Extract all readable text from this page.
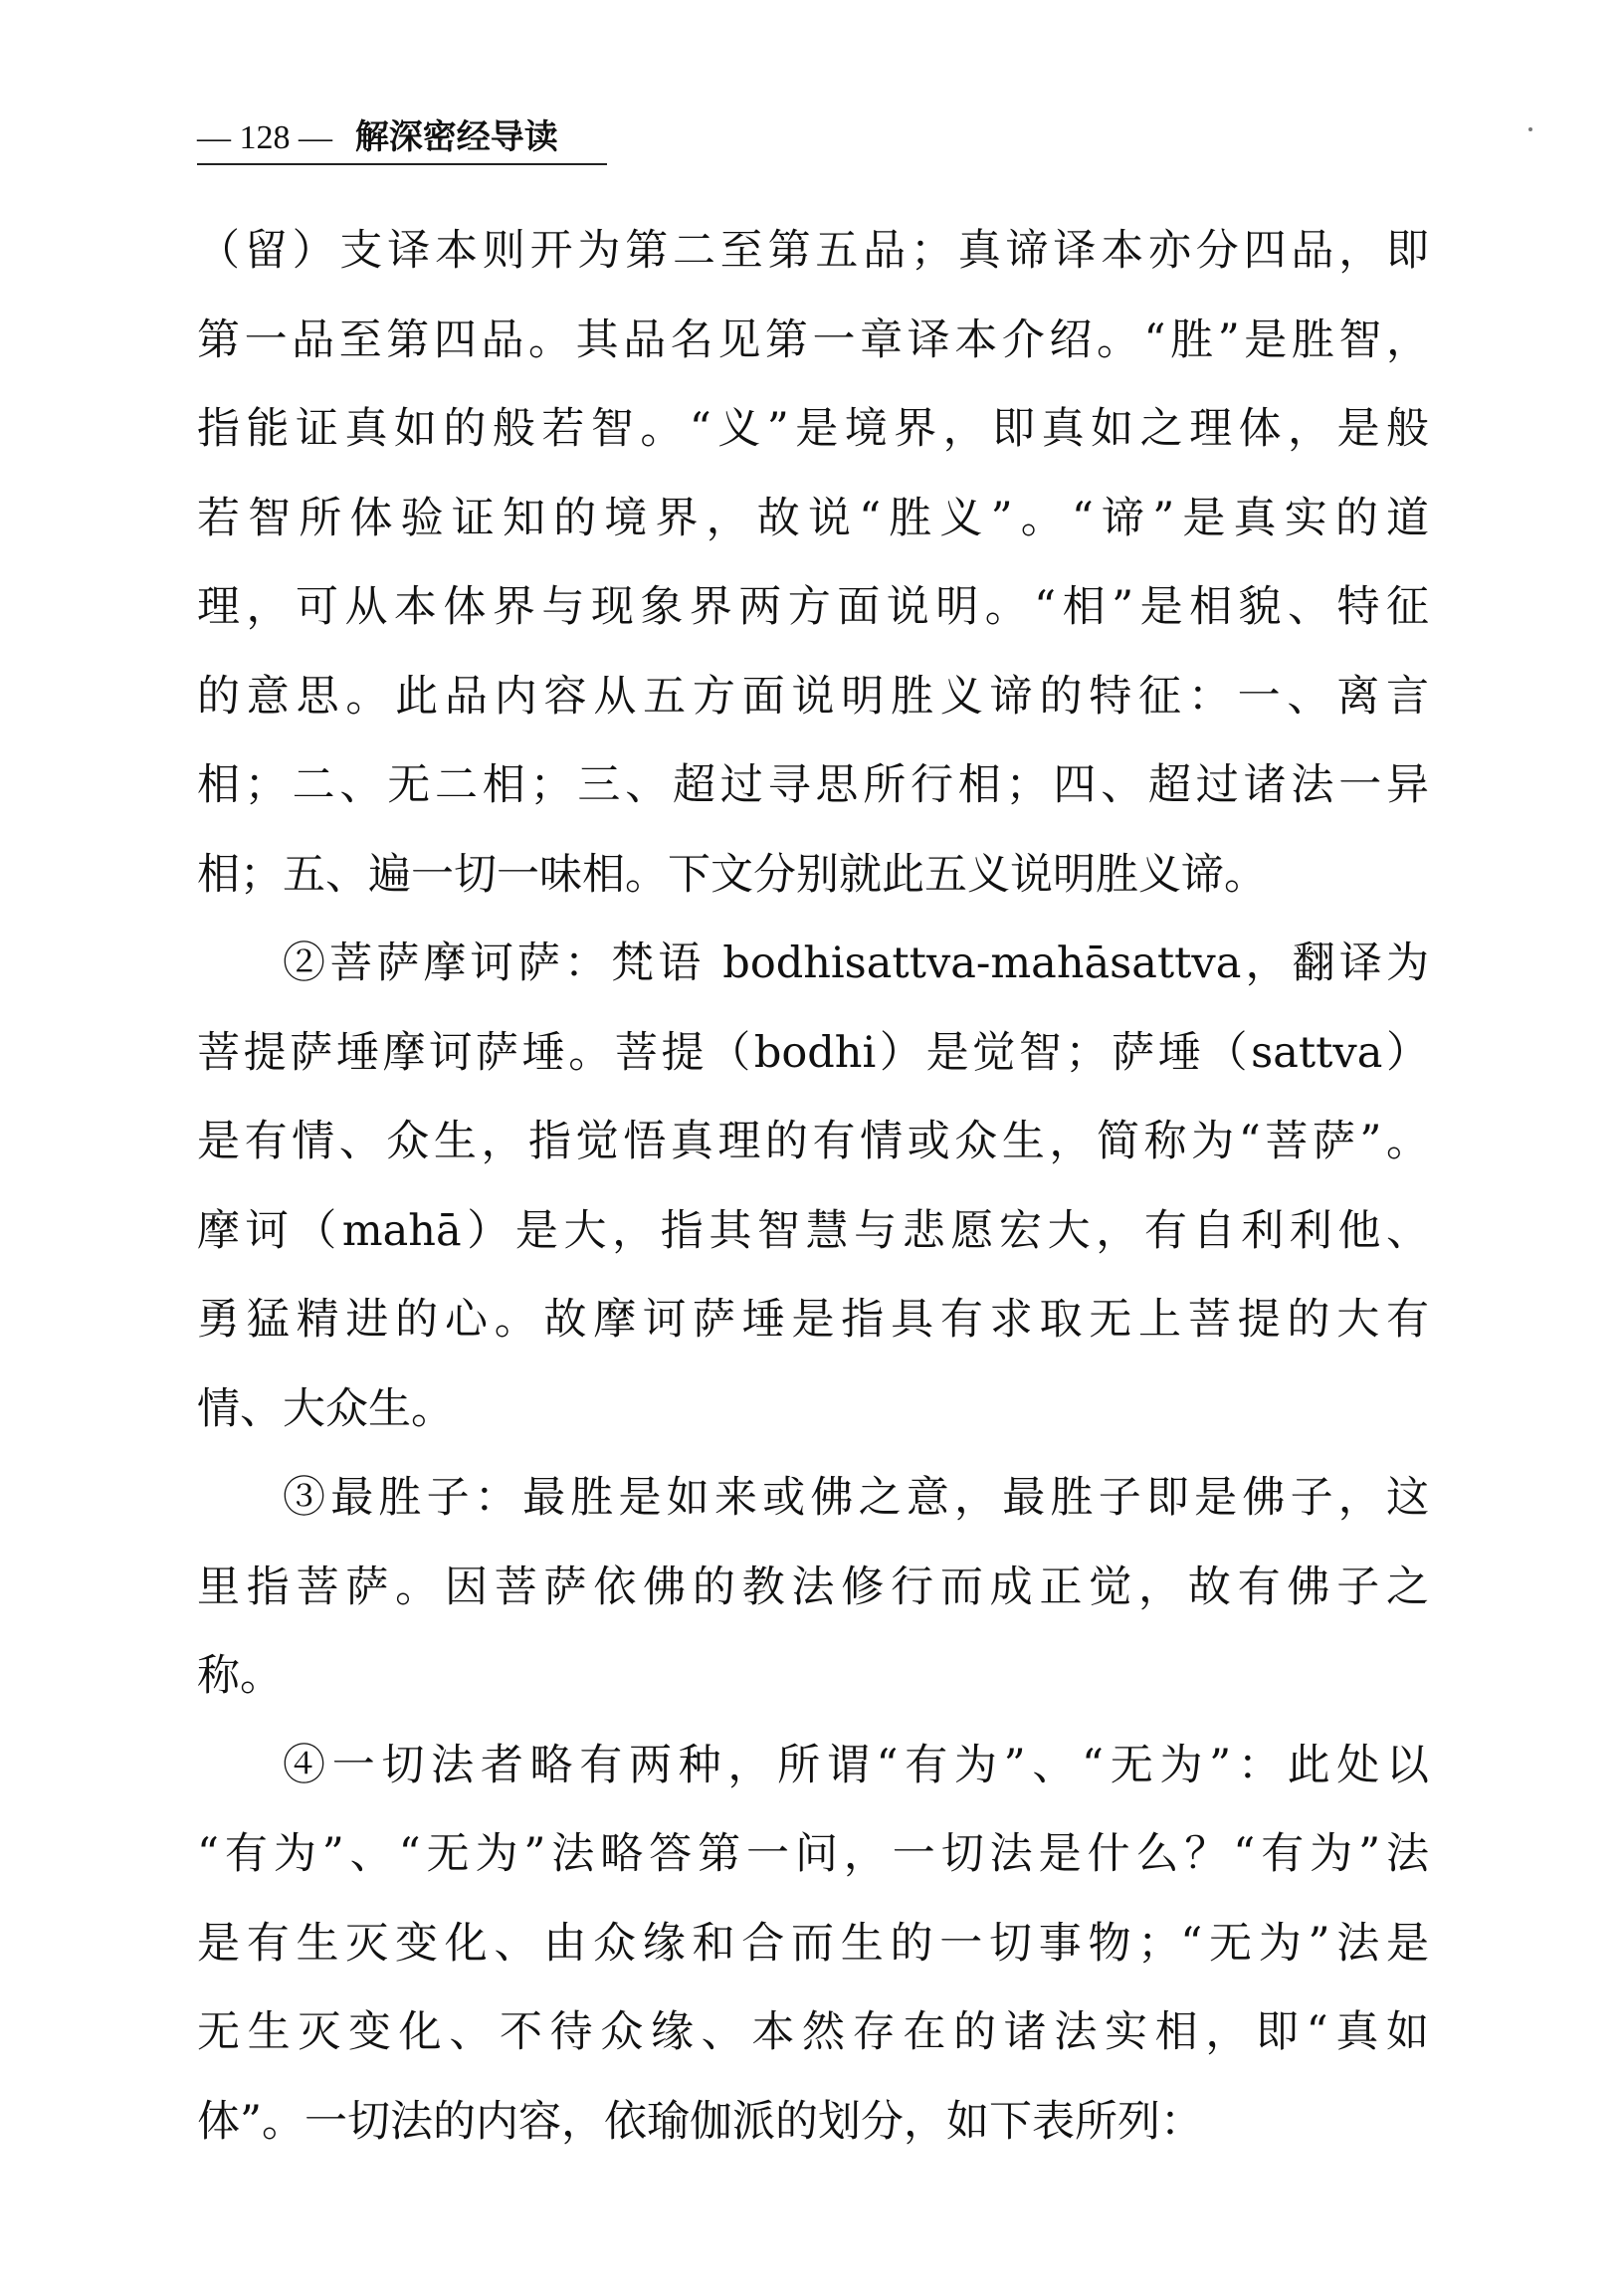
— 128 — 解深密经导读
（留）支译本则开为第二至第五品；真谛译本亦分四品，即
第一品至第四品。其品名见第一章译本介绍。“胜”是胜智，
指能证真如的般若智。“义”是境界，即真如之理体，是般
若智所体验证知的境界，故说“胜义”。“谛”是真实的道
理，可从本体界与现象界两方面说明。“相”是相貌、特征
的意思。此品内容从五方面说明胜义谛的特征：一、离言
相；二、无二相；三、超过寻思所行相；四、超过诸法一异
相；五、遍一切一味相。下文分别就此五义说明胜义谛。
②菩萨摩诃萨：梵语 bodhisattva-mahāsattva，翻译为
菩提萨埵摩诃萨埵。菩提（bodhi）是觉智；萨埵（sattva）
是有情、众生，指觉悟真理的有情或众生，简称为“菩萨”。
摩诃（mahā）是大，指其智慧与悲愿宏大，有自利利他、
勇猛精进的心。故摩诃萨埵是指具有求取无上菩提的大有
情、大众生。
③最胜子：最胜是如来或佛之意，最胜子即是佛子，这
里指菩萨。因菩萨依佛的教法修行而成正觉，故有佛子之
称。
④一切法者略有两种，所谓“有为”、“无为”：此处以
“有为”、“无为”法略答第一问，一切法是什么？“有为”法
是有生灭变化、由众缘和合而生的一切事物；“无为”法是
无生灭变化、不待众缘、本然存在的诸法实相，即“真如
体”。一切法的内容，依瑜伽派的划分，如下表所列：
